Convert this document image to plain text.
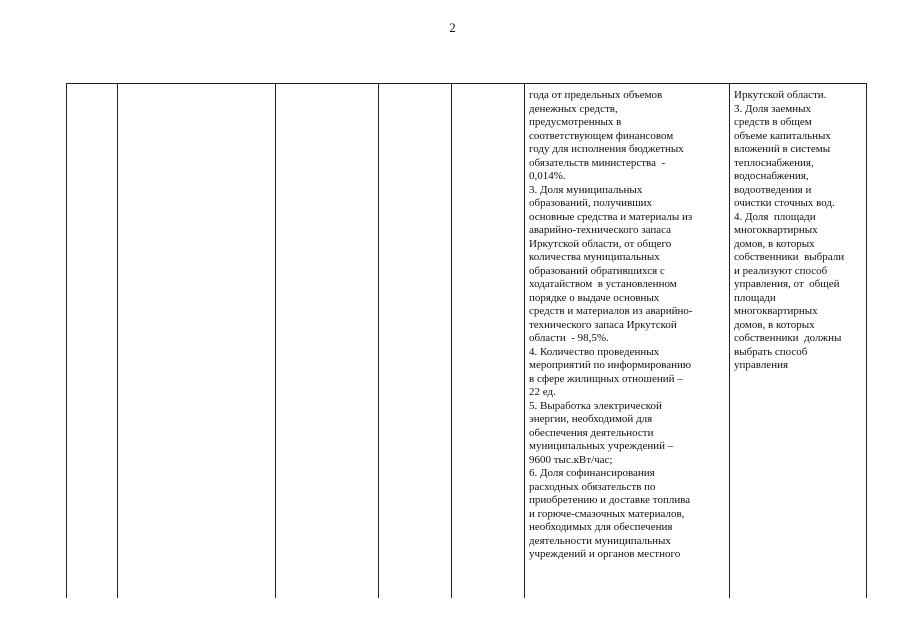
2
года от предельных объемов
денежных средств,
предусмотренных в
соответствующем финансовом
году для исполнения бюджетных
обязательств министерства  -
0,014%.
3. Доля муниципальных
образований, получивших
основные средства и материалы из
аварийно-технического запаса
Иркутской области, от общего
количества муниципальных
образований обратившихся с
ходатайством  в установленном
порядке о выдаче основных
средств и материалов из аварийно-
технического запаса Иркутской
области  - 98,5%.
4. Количество проведенных
мероприятий по информированию
в сфере жилищных отношений –
22 ед.
5. Выработка электрической
энергии, необходимой для
обеспечения деятельности
муниципальных учреждений –
9600 тыс.кВт/час;
6. Доля софинансирования
расходных обязательств по
приобретению и доставке топлива
и горюче-смазочных материалов,
необходимых для обеспечения
деятельности муниципальных
учреждений и органов местного
Иркутской области.
3. Доля заемных
средств в общем
объеме капитальных
вложений в системы
теплоснабжения,
водоснабжения,
водоотведения и
очистки сточных вод.
4. Доля  площади
многоквартирных
домов, в которых
собственники  выбрали
и реализуют способ
управления, от  общей
площади
многоквартирных
домов, в которых
собственники  должны
выбрать способ
управления
